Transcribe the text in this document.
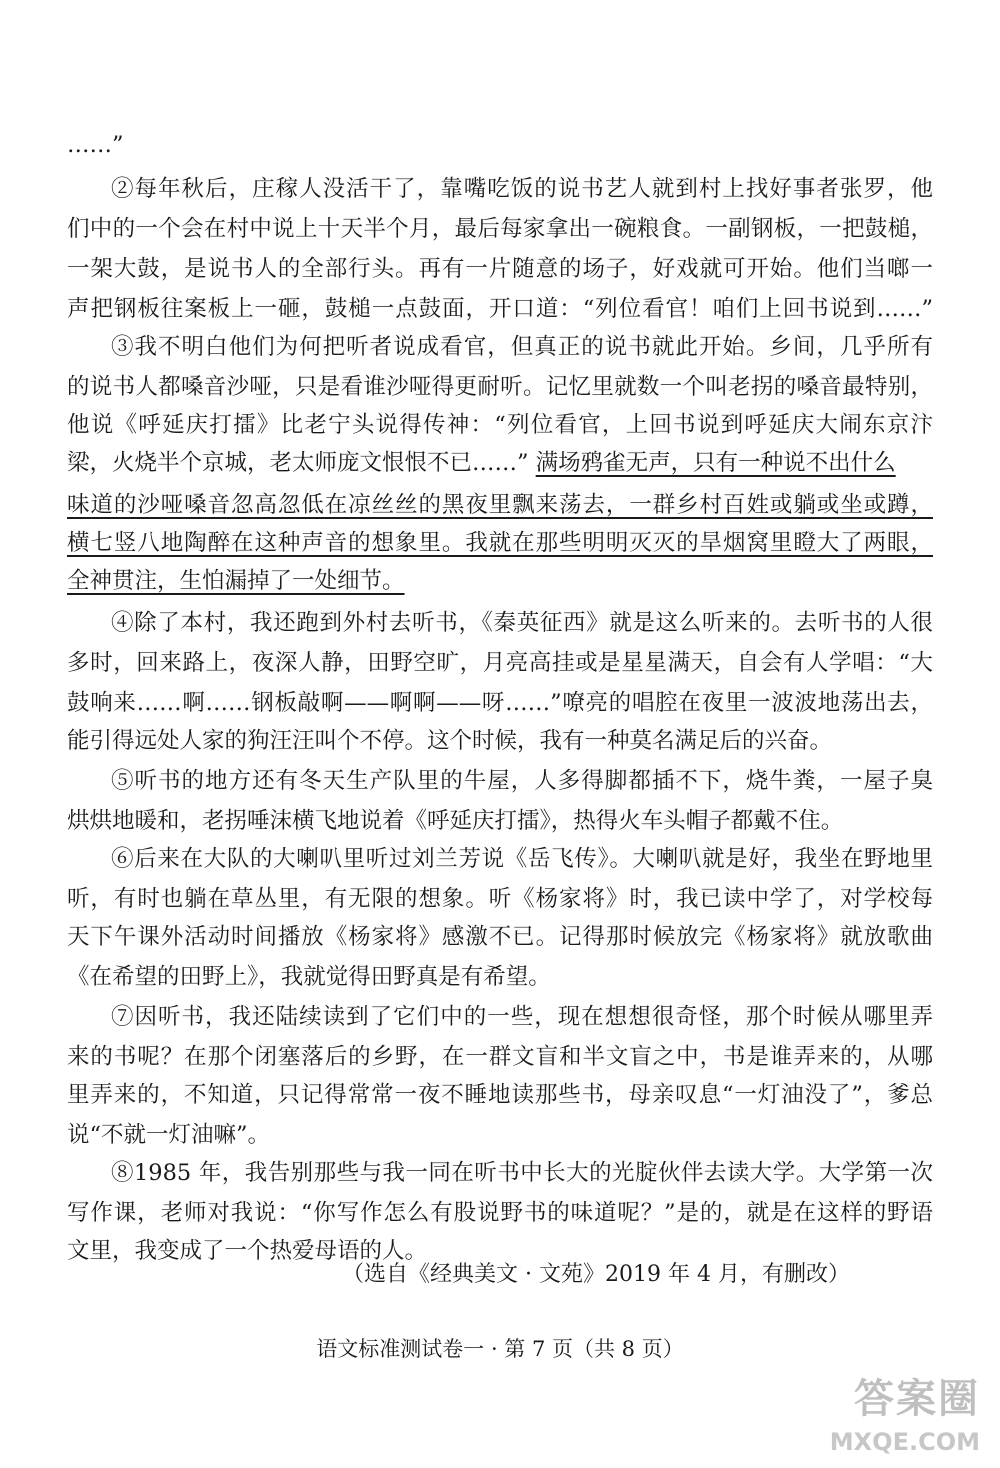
……”
②每年秋后，庄稼人没活干了，靠嘴吃饭的说书艺人就到村上找好事者张罗，他
们中的一个会在村中说上十天半个月，最后每家拿出一碗粮食。一副钢板，一把鼓槌，
一架大鼓，是说书人的全部行头。再有一片随意的场子，好戏就可开始。他们当啷一
声把钢板往案板上一砸，鼓槌一点鼓面，开口道：“列位看官！咱们上回书说到……”
③我不明白他们为何把听者说成看官，但真正的说书就此开始。乡间，几乎所有
的说书人都嗓音沙哑，只是看谁沙哑得更耐听。记忆里就数一个叫老拐的嗓音最特别，
他说《呼延庆打擂》比老宁头说得传神：“列位看官，上回书说到呼延庆大闹东京汴
梁，火烧半个京城，老太师庞文恨恨不已……” 满场鸦雀无声，只有一种说不出什么
味道的沙哑嗓音忽高忽低在凉丝丝的黑夜里飘来荡去，一群乡村百姓或躺或坐或蹲，
横七竖八地陶醉在这种声音的想象里。我就在那些明明灭灭的旱烟窝里瞪大了两眼，
全神贯注，生怕漏掉了一处细节。
④除了本村，我还跑到外村去听书，《秦英征西》就是这么听来的。去听书的人很
多时，回来路上，夜深人静，田野空旷，月亮高挂或是星星满天，自会有人学唱：“大
鼓响来……啊……钢板敲啊——啊啊——呀……”嘹亮的唱腔在夜里一波波地荡出去，
能引得远处人家的狗汪汪叫个不停。这个时候，我有一种莫名满足后的兴奋。
⑤听书的地方还有冬天生产队里的牛屋，人多得脚都插不下，烧牛粪，一屋子臭
烘烘地暖和，老拐唾沫横飞地说着《呼延庆打擂》，热得火车头帽子都戴不住。
⑥后来在大队的大喇叭里听过刘兰芳说《岳飞传》。大喇叭就是好，我坐在野地里
听，有时也躺在草丛里，有无限的想象。听《杨家将》时，我已读中学了，对学校每
天下午课外活动时间播放《杨家将》感激不已。记得那时候放完《杨家将》就放歌曲
《在希望的田野上》，我就觉得田野真是有希望。
⑦因听书，我还陆续读到了它们中的一些，现在想想很奇怪，那个时候从哪里弄
来的书呢？在那个闭塞落后的乡野，在一群文盲和半文盲之中，书是谁弄来的，从哪
里弄来的，不知道，只记得常常一夜不睡地读那些书，母亲叹息“一灯油没了”，爹总
说“不就一灯油嘛”。
⑧1985 年，我告别那些与我一同在听书中长大的光腚伙伴去读大学。大学第一次
写作课，老师对我说：“你写作怎么有股说野书的味道呢？”是的，就是在这样的野语
文里，我变成了一个热爱母语的人。
（选自《经典美文 · 文苑》2019 年 4 月，有删改）
语文标准测试卷一 · 第 7 页（共 8 页）
答案圈
MXQE.COM
